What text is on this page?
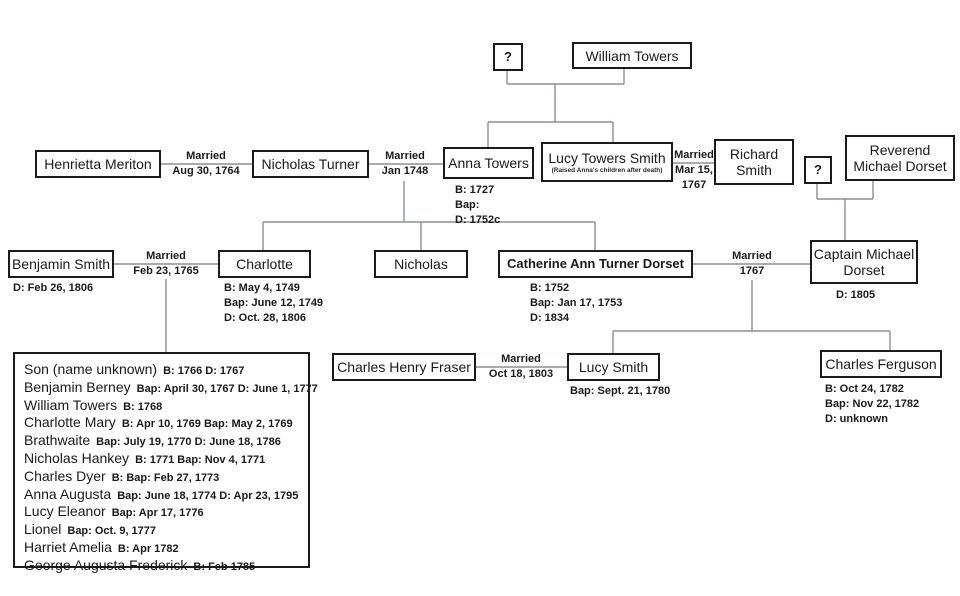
?	William Towers
Henrietta Meriton	Married
Aug 30, 1764	Nicholas Turner	Married
Jan 1748	Anna Towers
B: 1727
Bap:
D: 1752c
Lucy Towers Smith
(Raised Anna's children after death)
Married
Mar 15,
1767
Richard Smith	?
Reverend Michael Dorset
Benjamin Smith
D: Feb 26, 1806
Married
Feb 23, 1765	Charlotte
B: May 4, 1749
Bap: June 12, 1749
D: Oct. 28, 1806
Nicholas	Catherine Ann Turner Dorset
B: 1752
Bap: Jan 17, 1753
D: 1834
Married
1767
Captain Michael Dorset
D: 1805
Charles Henry Fraser	Married
Oct 18, 1803	Lucy Smith
Bap: Sept. 21, 1780
Charles Ferguson
B: Oct 24, 1782
Bap: Nov 22, 1782
D: unknown
Son (name unknown) B: 1766 D: 1767
Benjamin Berney Bap: April 30, 1767 D: June 1, 1777
William Towers B: 1768
Charlotte Mary B: Apr 10, 1769 Bap: May 2, 1769
Brathwaite Bap: July 19, 1770 D: June 18, 1786
Nicholas Hankey B: 1771 Bap: Nov 4, 1771
Charles Dyer B: Bap: Feb 27, 1773
Anna Augusta Bap: June 18, 1774 D: Apr 23, 1795
Lucy Eleanor Bap: Apr 17, 1776
Lionel Bap: Oct. 9, 1777
Harriet Amelia B: Apr 1782
George Augusta Frederick B: Feb 1785
